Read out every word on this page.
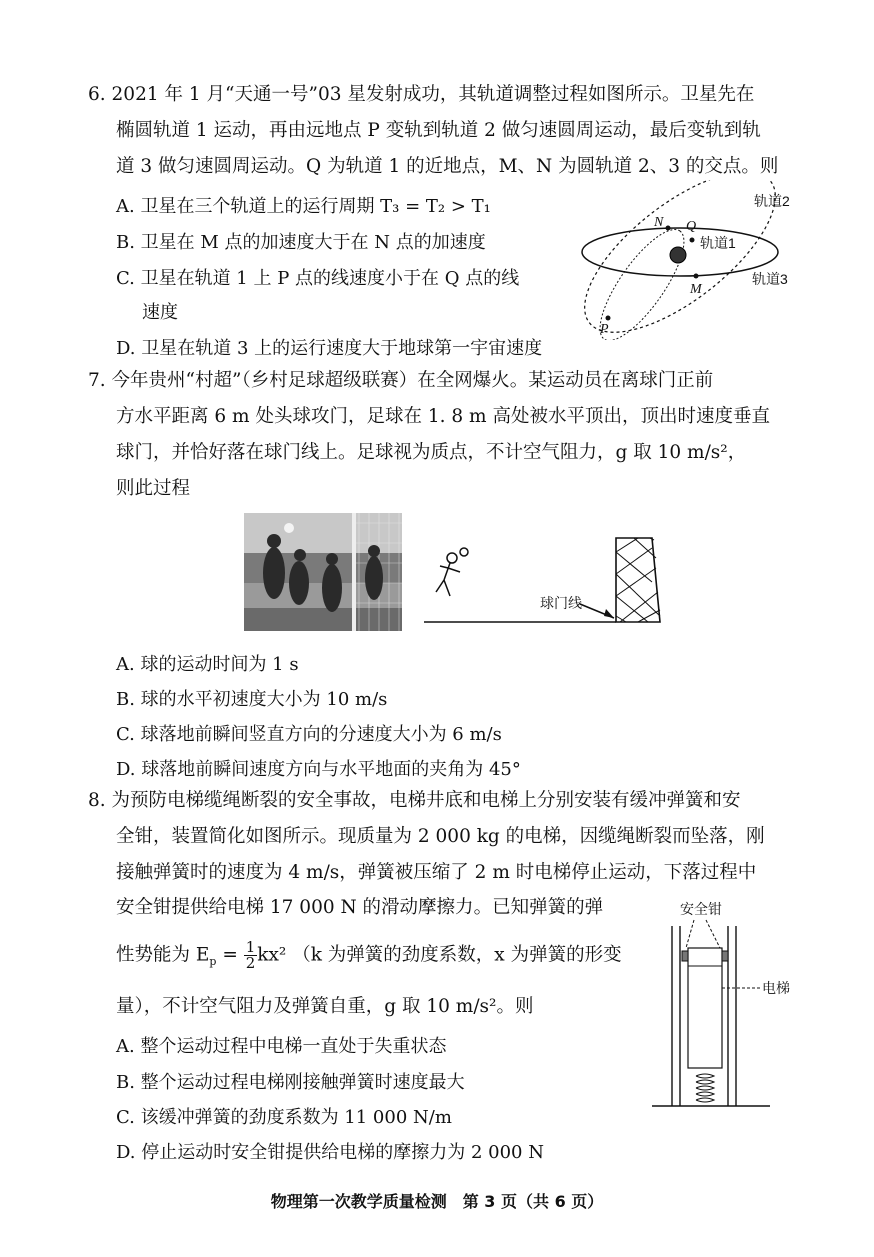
6. 2021 年 1 月“天通一号”03 星发射成功，其轨道调整过程如图所示。卫星先在
椭圆轨道 1 运动，再由远地点 P 变轨到轨道 2 做匀速圆周运动，最后变轨到轨
道 3 做匀速圆周运动。Q 为轨道 1 的近地点，M、N 为圆轨道 2、3 的交点。则
A. 卫星在三个轨道上的运行周期 T₃ = T₂ > T₁
B. 卫星在 M 点的加速度大于在 N 点的加速度
C. 卫星在轨道 1 上 P 点的线速度小于在 Q 点的线
速度
D. 卫星在轨道 3 上的运行速度大于地球第一宇宙速度
N Q
M
P
轨道2
轨道1
轨道3
7. 今年贵州“村超”（乡村足球超级联赛）在全网爆火。某运动员在离球门正前
方水平距离 6 m 处头球攻门，足球在 1. 8 m 高处被水平顶出，顶出时速度垂直
球门，并恰好落在球门线上。足球视为质点，不计空气阻力，g 取 10 m/s²，
则此过程
球门线
A. 球的运动时间为 1 s
B. 球的水平初速度大小为 10 m/s
C. 球落地前瞬间竖直方向的分速度大小为 6 m/s
D. 球落地前瞬间速度方向与水平地面的夹角为 45°
8. 为预防电梯缆绳断裂的安全事故，电梯井底和电梯上分别安装有缓冲弹簧和安
全钳，装置简化如图所示。现质量为 2 000 kg 的电梯，因缆绳断裂而坠落，刚
接触弹簧时的速度为 4 m/s，弹簧被压缩了 2 m 时电梯停止运动，下落过程中
安全钳提供给电梯 17 000 N 的滑动摩擦力。已知弹簧的弹
性势能为 $E_p = \frac{1}{2} kx^2$ （k 为弹簧的劲度系数，x 为弹簧的形变
量），不计空气阻力及弹簧自重，g 取 10 m/s²。则
A. 整个运动过程中电梯一直处于失重状态
B. 整个运动过程电梯刚接触弹簧时速度最大
C. 该缓冲弹簧的劲度系数为 11 000 N/m
D. 停止运动时安全钳提供给电梯的摩擦力为 2 000 N
安全钳
电梯
物理第一次教学质量检测　第 3 页（共 6 页）
